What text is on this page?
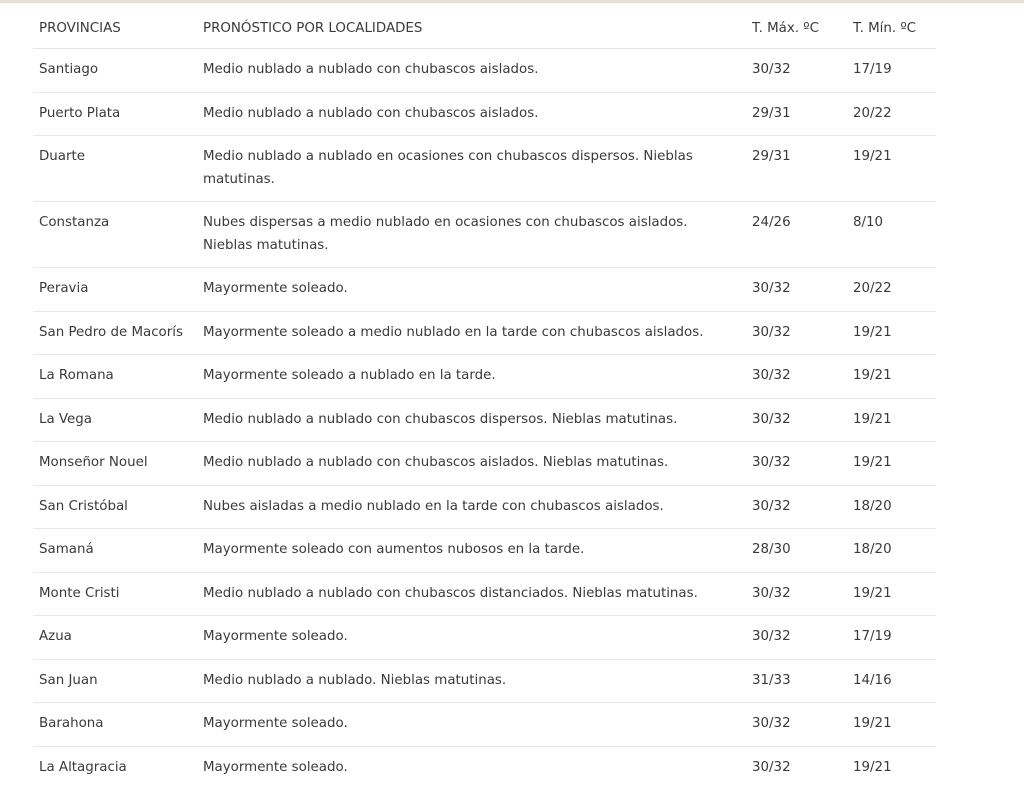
PROVINCIAS	PRONÓSTICO POR LOCALIDADES	T. Máx. ºC	T. Mín. ºC
Santiago	Medio nublado a nublado con chubascos aislados.	30/32	17/19
Puerto Plata	Medio nublado a nublado con chubascos aislados.	29/31	20/22
Duarte	Medio nublado a nublado en ocasiones con chubascos dispersos. Nieblas matutinas.	29/31	19/21
Constanza	Nubes dispersas a medio nublado en ocasiones con chubascos aislados. Nieblas matutinas.	24/26	8/10
Peravia	Mayormente soleado.	30/32	20/22
San Pedro de Macorís	Mayormente soleado a medio nublado en la tarde con chubascos aislados.	30/32	19/21
La Romana	Mayormente soleado a nublado en la tarde.	30/32	19/21
La Vega	Medio nublado a nublado con chubascos dispersos. Nieblas matutinas.	30/32	19/21
Monseñor Nouel	Medio nublado a nublado con chubascos aislados. Nieblas matutinas.	30/32	19/21
San Cristóbal	Nubes aisladas a medio nublado en la tarde con chubascos aislados.	30/32	18/20
Samaná	Mayormente soleado con aumentos nubosos en la tarde.	28/30	18/20
Monte Cristi	Medio nublado a nublado con chubascos distanciados. Nieblas matutinas.	30/32	19/21
Azua	Mayormente soleado.	30/32	17/19
San Juan	Medio nublado a nublado. Nieblas matutinas.	31/33	14/16
Barahona	Mayormente soleado.	30/32	19/21
La Altagracia	Mayormente soleado.	30/32	19/21
